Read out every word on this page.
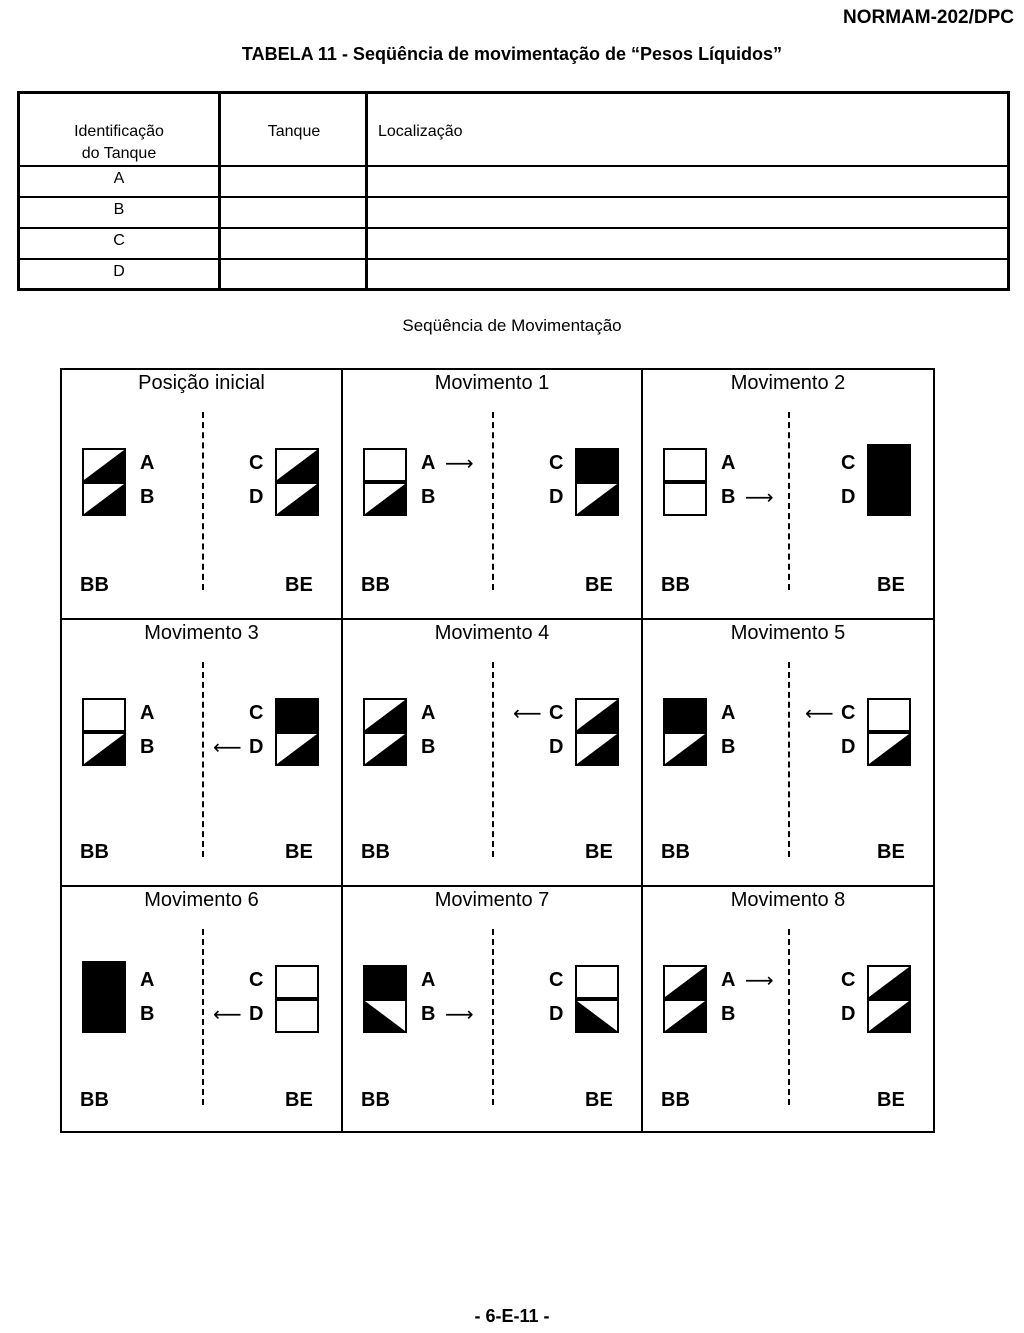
NORMAM-202/DPC
TABELA 11 - Seqüência de movimentação de “Pesos Líquidos”
Identificação
do Tanque
Tanque	Localização
A
B
C
D
Seqüência de Movimentação
Posição inicial
A
B
C
D
BB	BE
Movimento 1
A
B
C
D
⟶
BB	BE
Movimento 2
A
B
C
D
⟶
BB	BE
Movimento 3
A
B
C
D
⟵
BB	BE
Movimento 4
A
B
C
D
⟵
BB	BE
Movimento 5
A
B
C
D
⟵
BB	BE
Movimento 6
A
B
C
D
⟵
BB	BE
Movimento 7
A
B
C
D
⟶
BB	BE
Movimento 8
A
B
C
D
⟶
BB	BE
- 6-E-11 -
